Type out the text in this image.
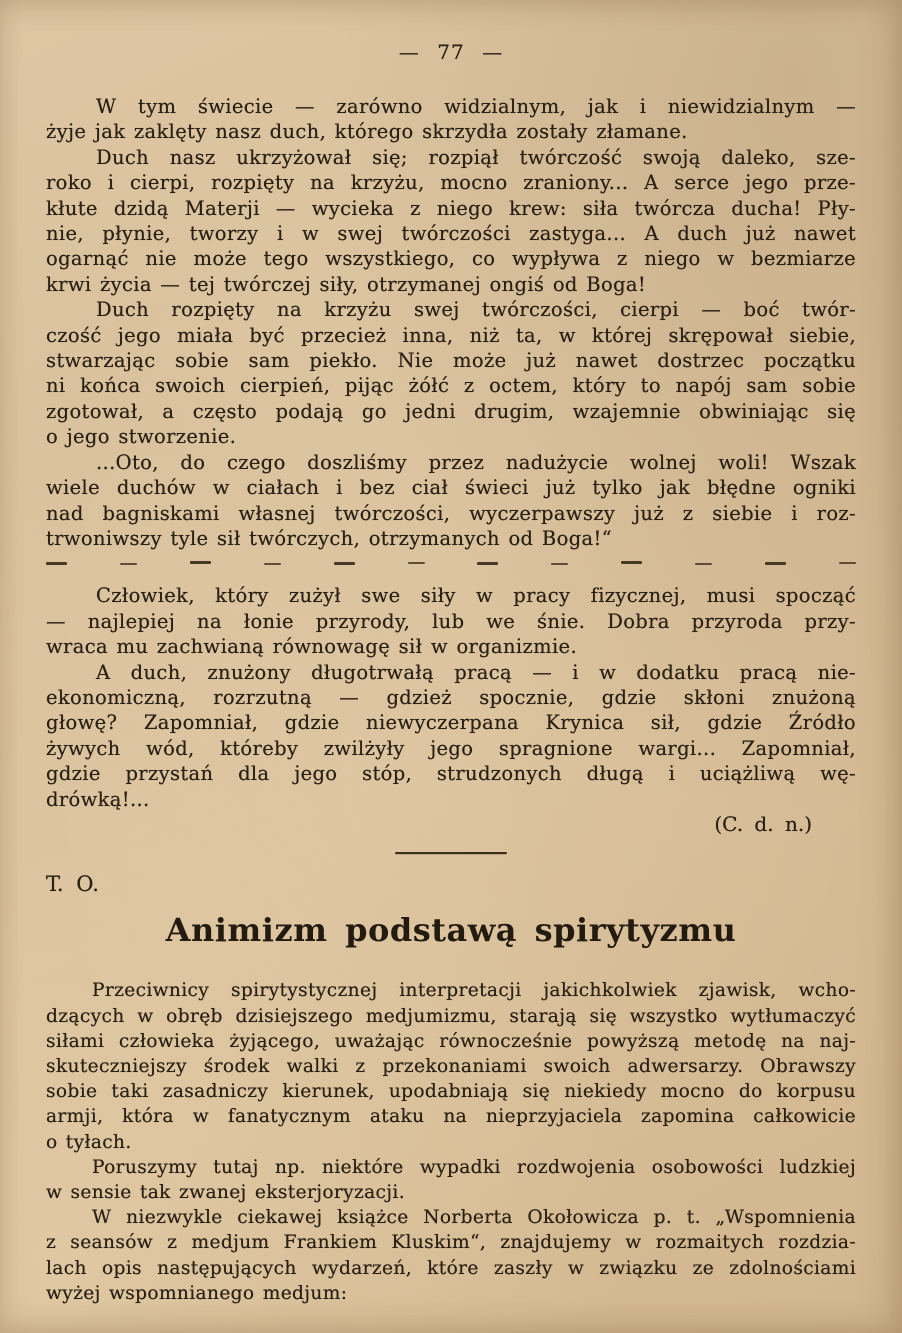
— 77 —
W tym świecie — zarówno widzialnym, jak i niewidzialnym —
żyje jak zaklęty nasz duch, którego skrzydła zostały złamane.
Duch nasz ukrzyżował się; rozpiął twórczość swoją daleko, sze-
roko i cierpi, rozpięty na krzyżu, mocno zraniony... A serce jego prze-
kłute dzidą Materji — wycieka z niego krew: siła twórcza ducha! Pły-
nie, płynie, tworzy i w swej twórczości zastyga... A duch już nawet
ogarnąć nie może tego wszystkiego, co wypływa z niego w bezmiarze
krwi życia — tej twórczej siły, otrzymanej ongiś od Boga!
Duch rozpięty na krzyżu swej twórczości, cierpi — boć twór-
czość jego miała być przecież inna, niż ta, w której skrępował siebie,
stwarzając sobie sam piekło. Nie może już nawet dostrzec początku
ni końca swoich cierpień, pijąc żółć z octem, który to napój sam sobie
zgotował, a często podają go jedni drugim, wzajemnie obwiniając się
o jego stworzenie.
...Oto, do czego doszliśmy przez nadużycie wolnej woli! Wszak
wiele duchów w ciałach i bez ciał świeci już tylko jak błędne ogniki
nad bagniskami własnej twórczości, wyczerpawszy już z siebie i roz-
trwoniwszy tyle sił twórczych, otrzymanych od Boga!“
Człowiek, który zużył swe siły w pracy fizycznej, musi spocząć
— najlepiej na łonie przyrody, lub we śnie. Dobra przyroda przy-
wraca mu zachwianą równowagę sił w organizmie.
A duch, znużony długotrwałą pracą — i w dodatku pracą nie-
ekonomiczną, rozrzutną — gdzież spocznie, gdzie skłoni znużoną
głowę? Zapomniał, gdzie niewyczerpana Krynica sił, gdzie Źródło
żywych wód, któreby zwilżyły jego spragnione wargi... Zapomniał,
gdzie przystań dla jego stóp, strudzonych długą i uciążliwą wę-
drówką!...
(C. d. n.)
T. O.
Animizm podstawą spirytyzmu
Przeciwnicy spirytystycznej interpretacji jakichkolwiek zjawisk, wcho-
dzących w obręb dzisiejszego medjumizmu, starają się wszystko wytłumaczyć
siłami człowieka żyjącego, uważając równocześnie powyższą metodę na naj-
skuteczniejszy środek walki z przekonaniami swoich adwersarzy. Obrawszy
sobie taki zasadniczy kierunek, upodabniają się niekiedy mocno do korpusu
armji, która w fanatycznym ataku na nieprzyjaciela zapomina całkowicie
o tyłach.
Poruszymy tutaj np. niektóre wypadki rozdwojenia osobowości ludzkiej
w sensie tak zwanej eksterjoryzacji.
W niezwykle ciekawej książce Norberta Okołowicza p. t. „Wspomnienia
z seansów z medjum Frankiem Kluskim“, znajdujemy w rozmaitych rozdzia-
lach opis następujących wydarzeń, które zaszły w związku ze zdolnościami
wyżej wspomnianego medjum:
